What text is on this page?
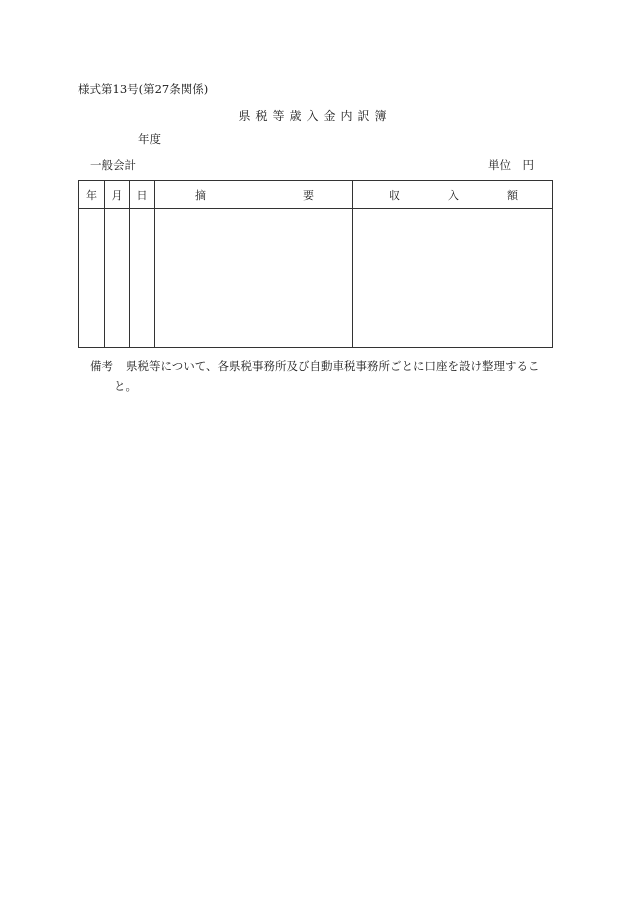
様式第13号(第27条関係)
県税等歳入金内訳簿
年度
一般会計	単位　円
年	月	日	摘 要	収 入 額

備考 県税等について、各県税事務所及び自動車税事務所ごとに口座を設け整理するこ
と。
